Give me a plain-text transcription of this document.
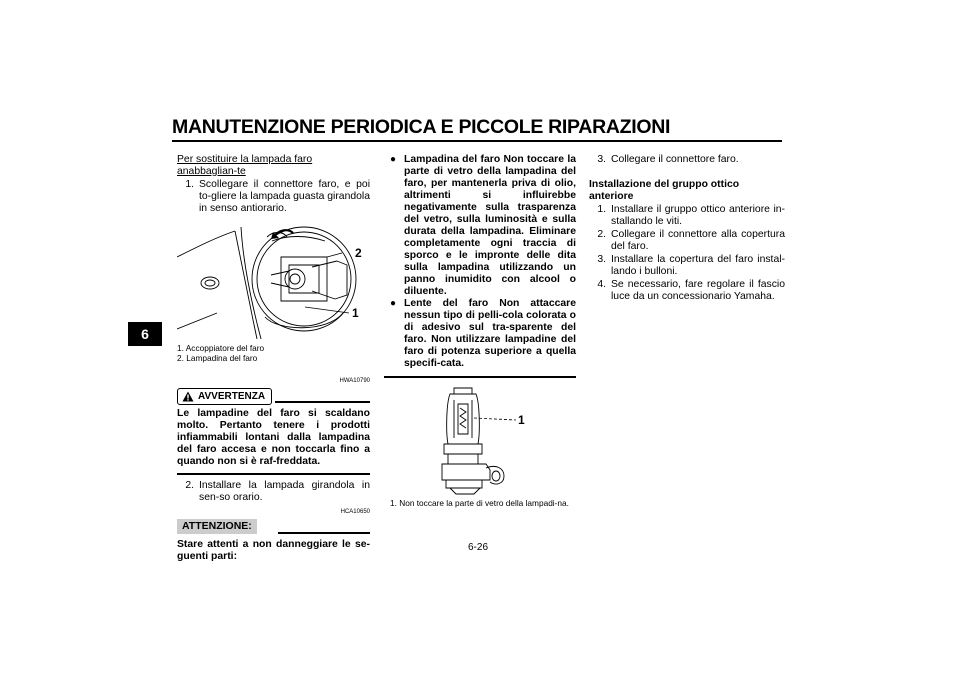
MANUTENZIONE PERIODICA E PICCOLE RIPARAZIONI
6
Per sostituire la lampada faro anabbaglian-te
1. Scollegare il connettore faro, e poi to-gliere la lampada guasta girandola in senso antiorario.
2
1
1. Accoppiatore del faro
2. Lampadina del faro
HWA10790
AVVERTENZA
Le lampadine del faro si scaldano molto. Pertanto tenere i prodotti infiammabili lontani dalla lampadina del faro accesa e non toccarla fino a quando non si è raf-freddata.
2. Installare la lampada girandola in sen-so orario.
HCA10650
ATTENZIONE:
Stare attenti a non danneggiare le se-guenti parti:
● Lampadina del faro Non toccare la parte di vetro della lampadina del faro, per mantenerla priva di olio, altrimenti si influirebbe negativamente sulla trasparenza del vetro, sulla luminosità e sulla durata della lampadina. Eliminare completamente ogni traccia di sporco e le impronte delle dita sulla lampadina utilizzando un panno inumidito con alcool o diluente.
● Lente del faro Non attaccare nessun tipo di pelli-cola colorata o di adesivo sul tra-sparente del faro. Non utilizzare lampadine del faro di potenza superiore a quella specifi-cata.
1
1. Non toccare la parte di vetro della lampadi-na.
3. Collegare il connettore faro.
Installazione del gruppo ottico anteriore
1. Installare il gruppo ottico anteriore in-stallando le viti.
2. Collegare il connettore alla copertura del faro.
3. Installare la copertura del faro instal-lando i bulloni.
4. Se necessario, fare regolare il fascio luce da un concessionario Yamaha.
6-26
